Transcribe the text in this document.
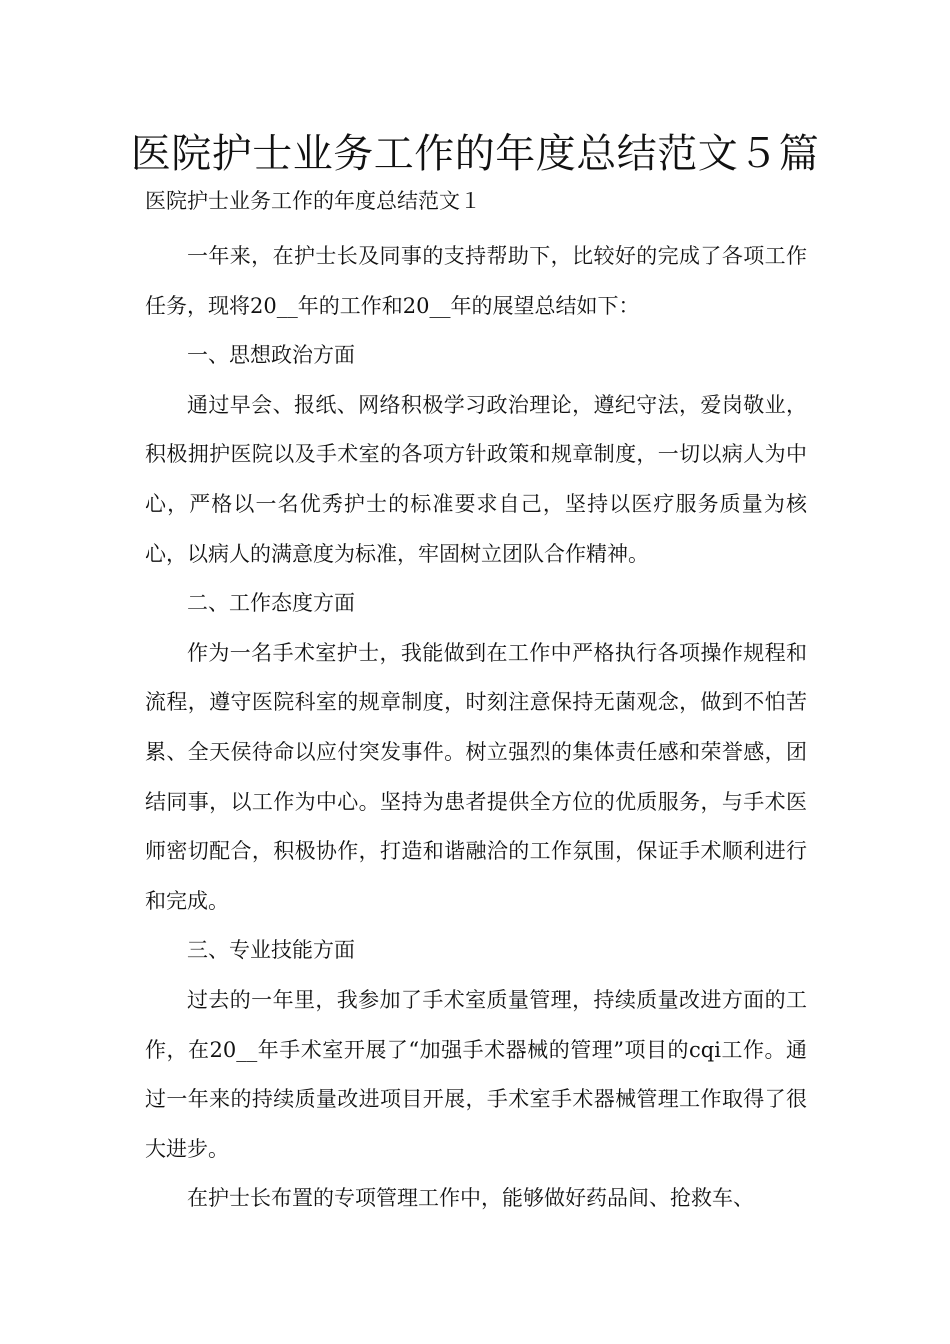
医院护士业务工作的年度总结范文５篇
医院护士业务工作的年度总结范文１

一年来，在护士长及同事的支持帮助下，比较好的完成了各项工作任务，现将20__年的工作和20__年的展望总结如下：

一、思想政治方面

通过早会、报纸、网络积极学习政治理论，遵纪守法，爱岗敬业，积极拥护医院以及手术室的各项方针政策和规章制度，一切以病人为中心，严格以一名优秀护士的标准要求自己，坚持以医疗服务质量为核心，以病人的满意度为标准，牢固树立团队合作精神。

二、工作态度方面

作为一名手术室护士，我能做到在工作中严格执行各项操作规程和流程，遵守医院科室的规章制度，时刻注意保持无菌观念，做到不怕苦累、全天侯待命以应付突发事件。树立强烈的集体责任感和荣誉感，团结同事，以工作为中心。坚持为患者提供全方位的优质服务，与手术医师密切配合，积极协作，打造和谐融洽的工作氛围，保证手术顺利进行和完成。

三、专业技能方面

过去的一年里，我参加了手术室质量管理，持续质量改进方面的工作，在20__年手术室开展了“加强手术器械的管理”项目的cqi工作。通过一年来的持续质量改进项目开展，手术室手术器械管理工作取得了很大进步。

在护士长布置的专项管理工作中，能够做好药品间、抢救车、
